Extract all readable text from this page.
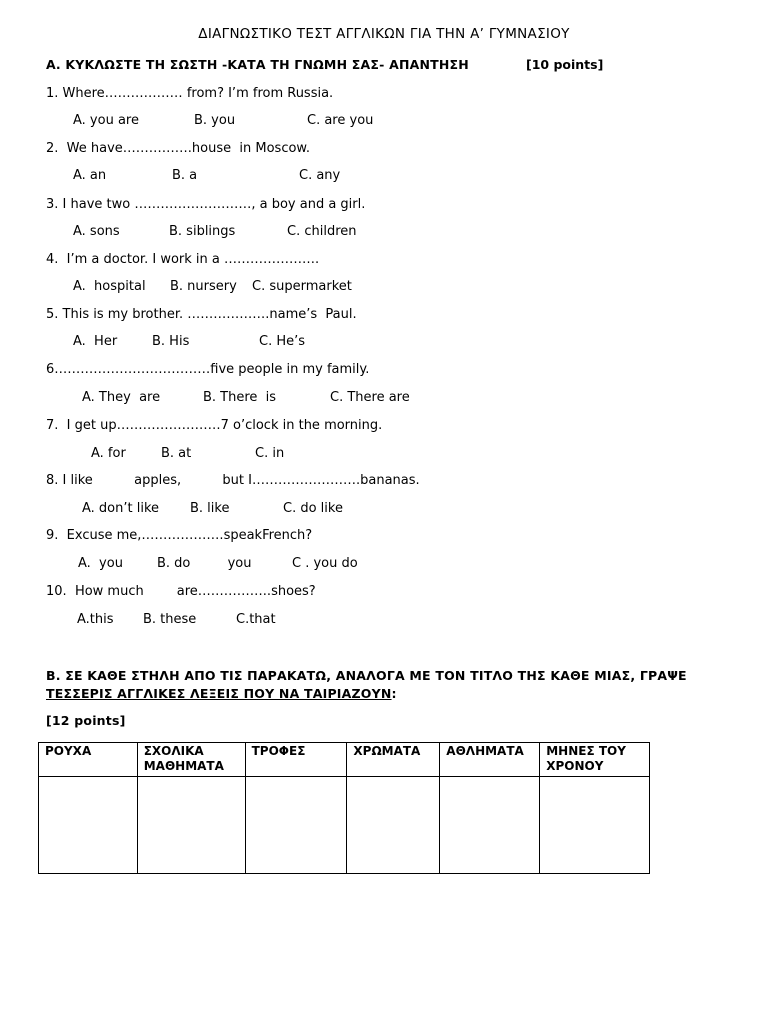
ΔΙΑΓΝΩΣΤΙΚΟ ΤΕΣΤ ΑΓΓΛΙΚΩΝ ΓΙΑ ΤΗΝ Α’ ΓΥΜΝΑΣΙΟΥ
Α. ΚΥΚΛΩΣΤΕ ΤΗ ΣΩΣΤΗ -ΚΑΤΑ ΤΗ ΓΝΩΜΗ ΣΑΣ- ΑΠΑΝΤΗΣΗ	[10 points]
1. Where……………… from? I’m from Russia.
A. you are	B. you	C. are you
2.  We have…………….house  in Moscow.
A. an	B. a	C. any
3. I have two ………………………, a boy and a girl.
A. sons	B. siblings	C. children
4.  I’m a doctor. I work in a ………………….
A.  hospital B. nursery C. supermarket
5. This is my brother. ……………….name’s  Paul.
A.  Her	B. His	C. He’s
6………………………………five people in my family.
A. They  are	B. There  is	C. There are
7.  I get up……………………7 o’clock in the morning.
A. for	B. at	C. in
8. I like          apples,          but I…………………….bananas.
A. don’t like B. like	C. do like
9.  Excuse me,……………….speakFrench?
A.  you	B. do         you	C . you do
10.  How much        are……………..shoes?
A.this B. these	C.that
Β. ΣΕ ΚΑΘΕ ΣΤΗΛΗ ΑΠΟ ΤΙΣ ΠΑΡΑΚΑΤΩ, ΑΝΑΛΟΓΑ ΜΕ ΤΟΝ ΤΙΤΛΟ ΤΗΣ ΚΑΘΕ ΜΙΑΣ, ΓΡΑΨΕ
ΤΕΣΣΕΡΙΣ ΑΓΓΛΙΚΕΣ ΛΕΞΕΙΣ ΠΟΥ ΝΑ ΤΑΙΡΙΑΖΟΥΝ:
[12 points]
ΡΟΥΧΑ	ΣΧΟΛΙΚΑ ΜΑΘΗΜΑΤΑ	ΤΡΟΦΕΣ	ΧΡΩΜΑΤΑ	ΑΘΛΗΜΑΤΑ	ΜΗΝΕΣ ΤΟΥ ΧΡΟΝΟΥ
